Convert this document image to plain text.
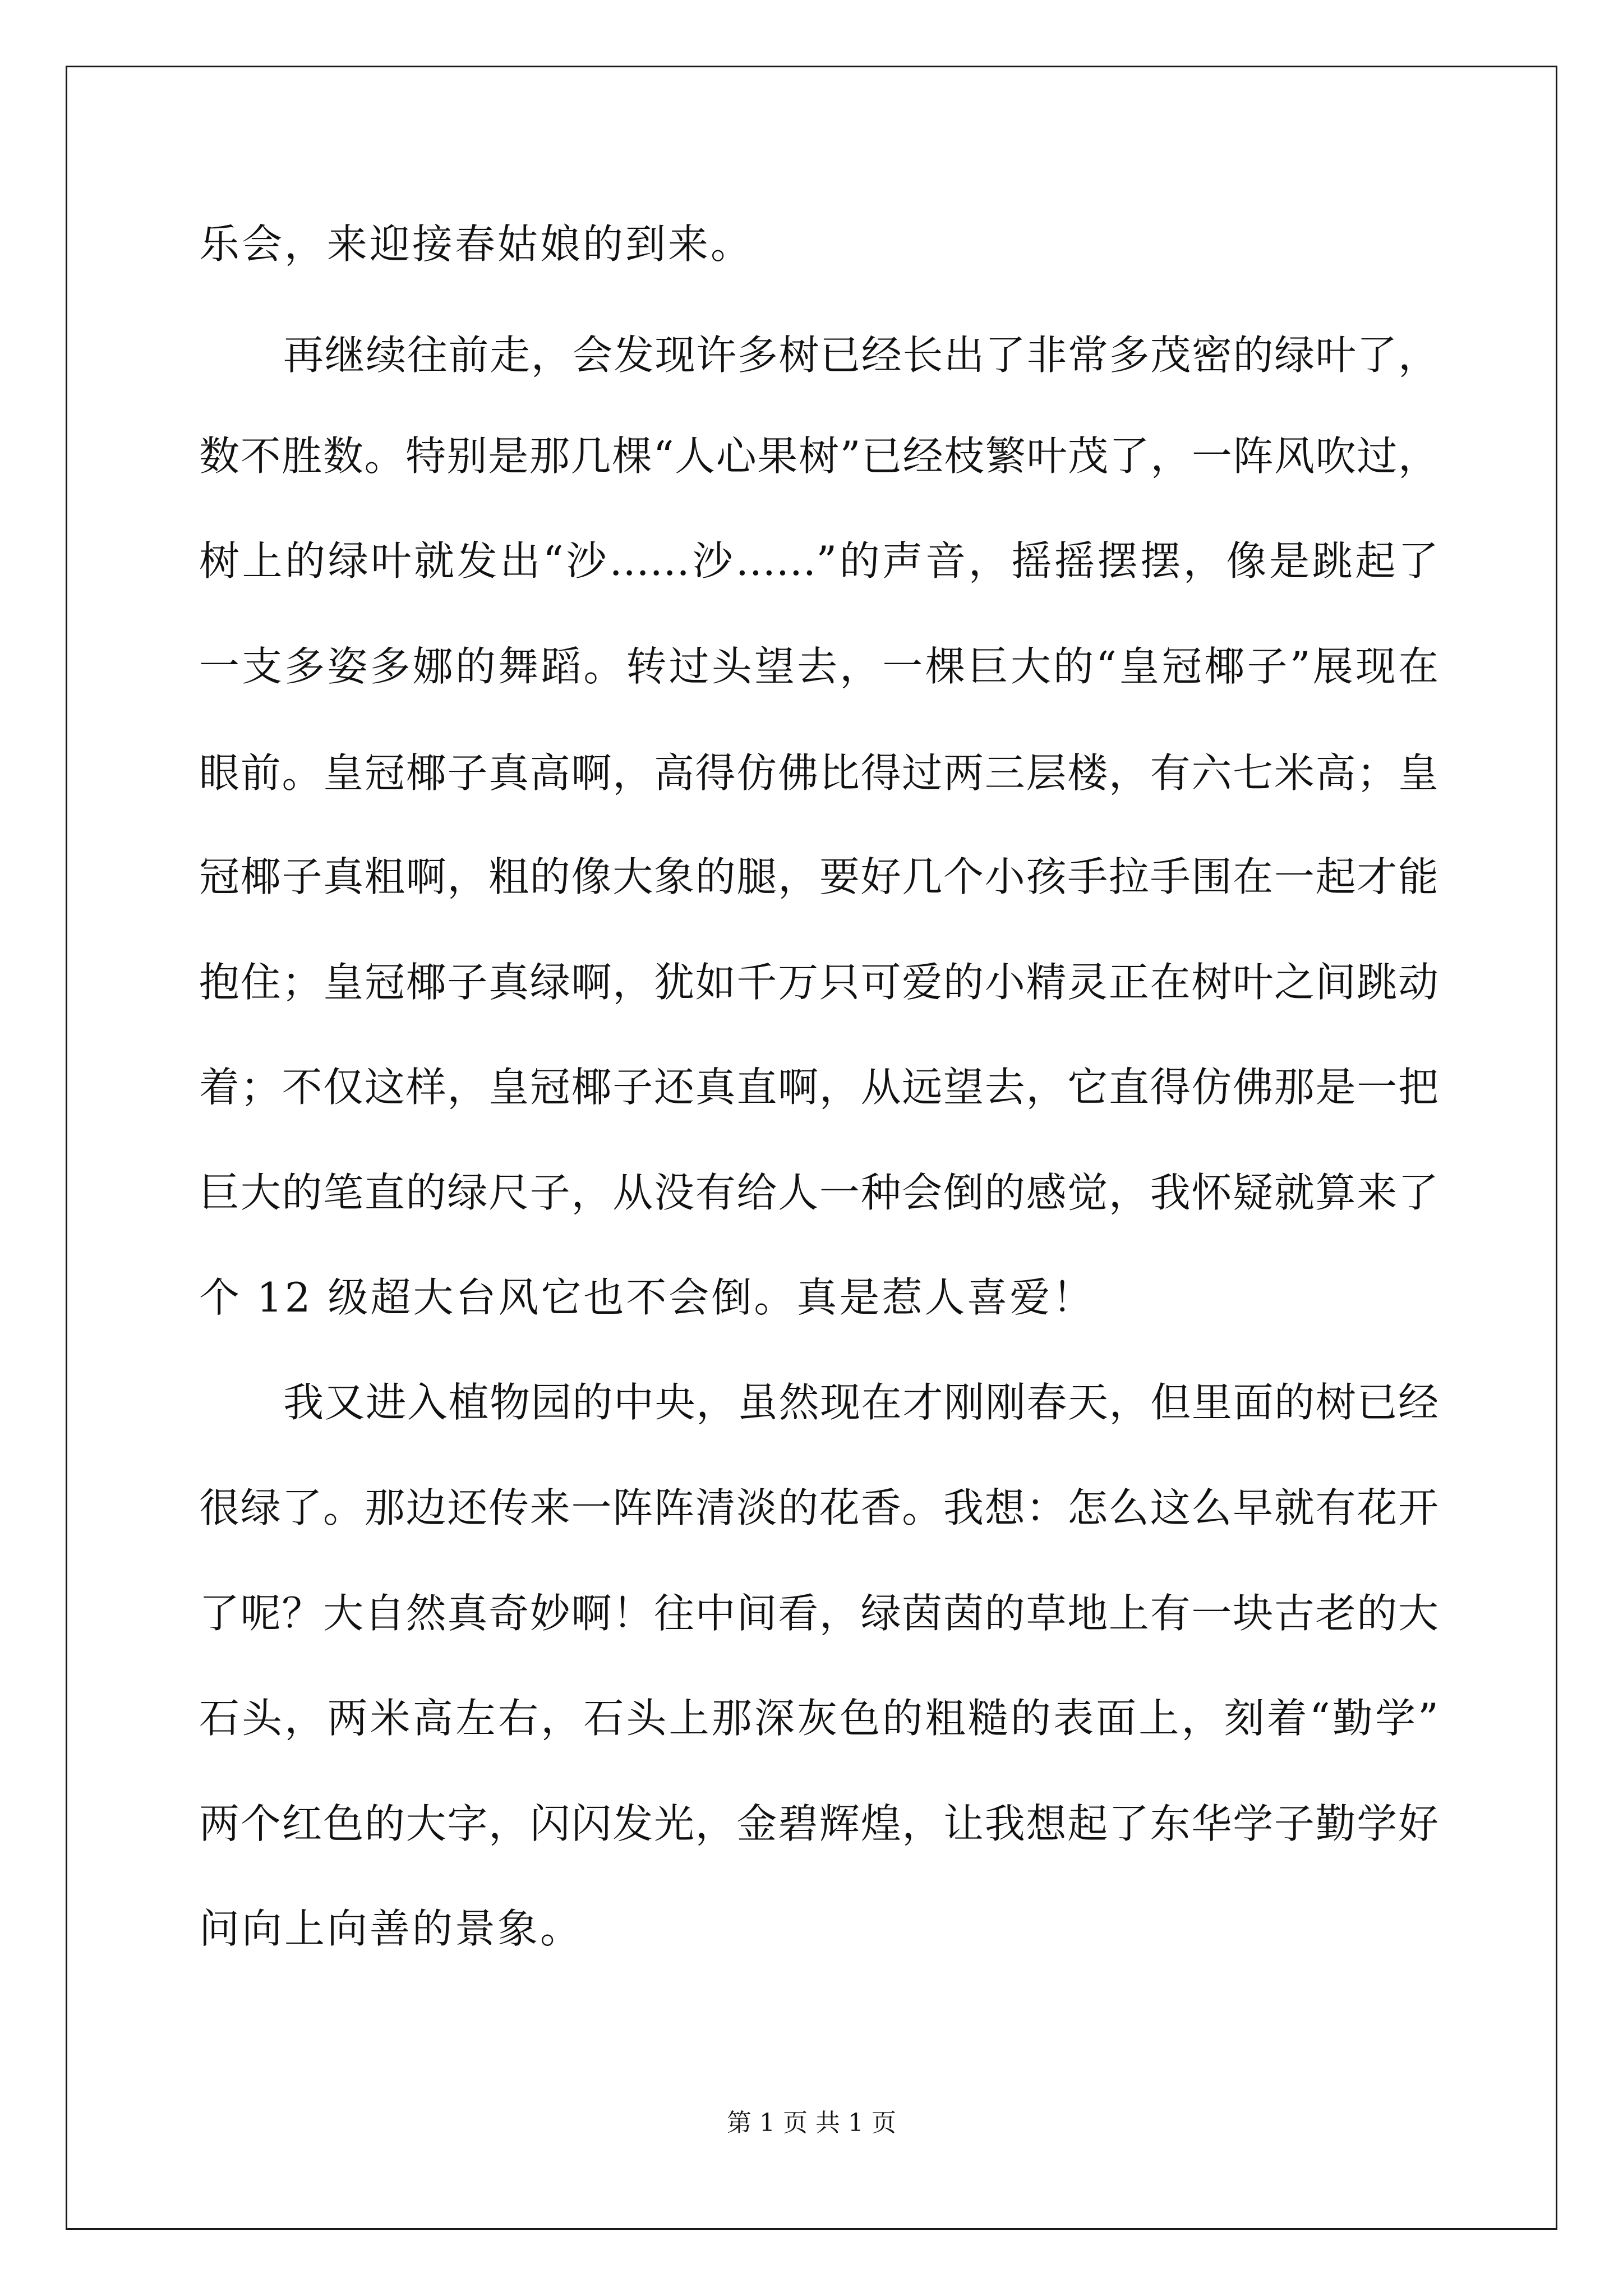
乐会，来迎接春姑娘的到来。
再继续往前走，会发现许多树已经长出了非常多茂密的绿叶了，
数不胜数。特别是那几棵“人心果树”已经枝繁叶茂了，一阵风吹过，
树上的绿叶就发出“沙……沙……”的声音，摇摇摆摆，像是跳起了
一支多姿多娜的舞蹈。转过头望去，一棵巨大的“皇冠椰子”展现在
眼前。皇冠椰子真高啊，高得仿佛比得过两三层楼，有六七米高；皇
冠椰子真粗啊，粗的像大象的腿，要好几个小孩手拉手围在一起才能
抱住；皇冠椰子真绿啊，犹如千万只可爱的小精灵正在树叶之间跳动
着；不仅这样，皇冠椰子还真直啊，从远望去，它直得仿佛那是一把
巨大的笔直的绿尺子，从没有给人一种会倒的感觉，我怀疑就算来了
个 12 级超大台风它也不会倒。真是惹人喜爱！
我又进入植物园的中央，虽然现在才刚刚春天，但里面的树已经
很绿了。那边还传来一阵阵清淡的花香。我想：怎么这么早就有花开
了呢？大自然真奇妙啊！往中间看，绿茵茵的草地上有一块古老的大
石头，两米高左右，石头上那深灰色的粗糙的表面上，刻着“勤学”
两个红色的大字，闪闪发光，金碧辉煌，让我想起了东华学子勤学好
问向上向善的景象。
第 1 页 共 1 页
